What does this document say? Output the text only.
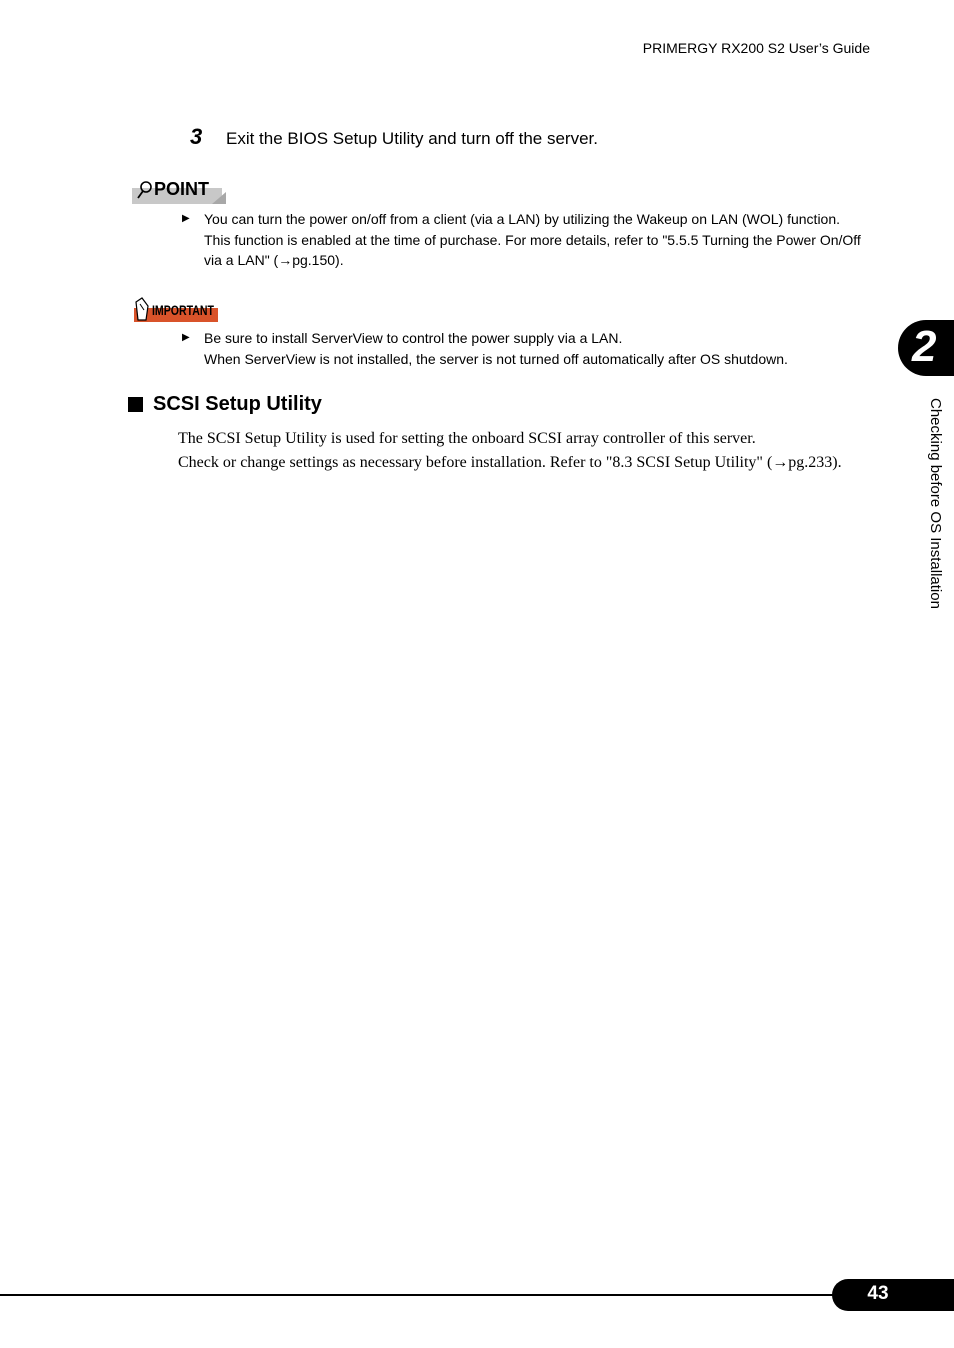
PRIMERGY RX200 S2 User’s Guide
3 Exit the BIOS Setup Utility and turn off the server.
POINT
▶ You can turn the power on/off from a client (via a LAN) by utilizing the Wakeup on LAN (WOL) function.
This function is enabled at the time of purchase. For more details, refer to "5.5.5 Turning the Power On/Off via a LAN" (→pg.150).
IMPORTANT
▶ Be sure to install ServerView to control the power supply via a LAN.
When ServerView is not installed, the server is not turned off automatically after OS shutdown.
SCSI Setup Utility
The SCSI Setup Utility is used for setting the onboard SCSI array controller of this server.
Check or change settings as necessary before installation. Refer to "8.3 SCSI Setup Utility" (→pg.233).
2
Checking before OS Installation
43
